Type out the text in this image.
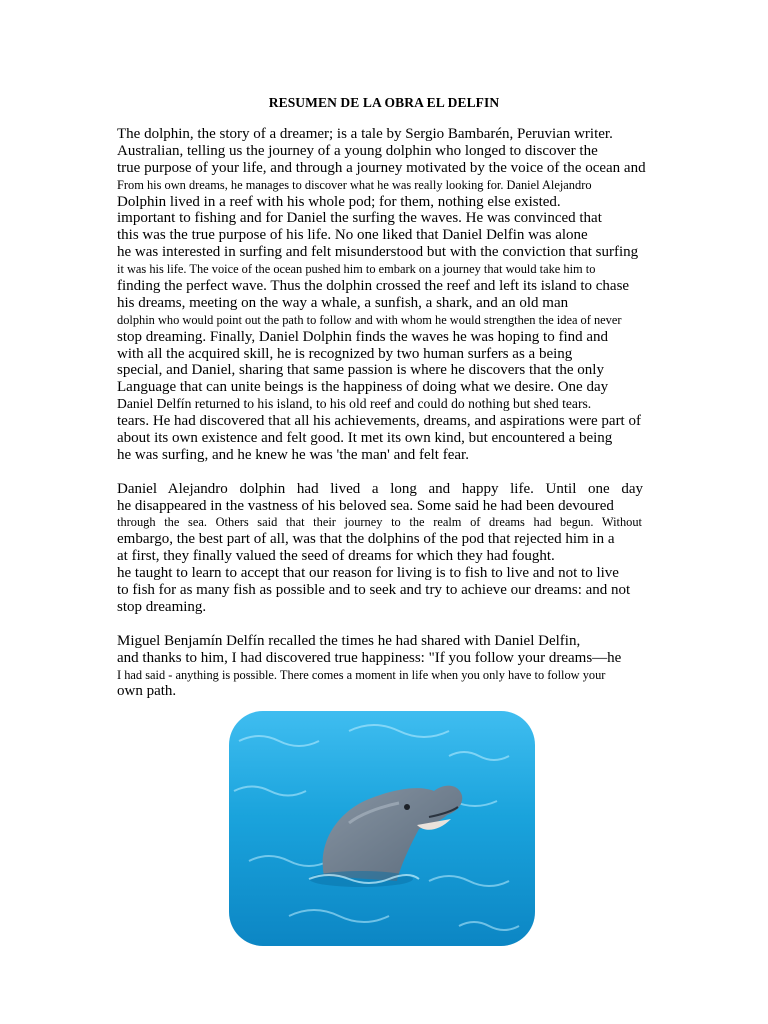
RESUMEN DE LA OBRA EL DELFIN
The dolphin, the story of a dreamer; is a tale by Sergio Bambarén, Peruvian writer.
Australian, telling us the journey of a young dolphin who longed to discover the
true purpose of your life, and through a journey motivated by the voice of the ocean and
From his own dreams, he manages to discover what he was really looking for. Daniel Alejandro
Dolphin lived in a reef with his whole pod; for them, nothing else existed.
important to fishing and for Daniel the surfing the waves. He was convinced that
this was the true purpose of his life. No one liked that Daniel Delfin was alone
he was interested in surfing and felt misunderstood but with the conviction that surfing
it was his life. The voice of the ocean pushed him to embark on a journey that would take him to
finding the perfect wave. Thus the dolphin crossed the reef and left its island to chase
his dreams, meeting on the way a whale, a sunfish, a shark, and an old man
dolphin who would point out the path to follow and with whom he would strengthen the idea of never
stop dreaming. Finally, Daniel Dolphin finds the waves he was hoping to find and
with all the acquired skill, he is recognized by two human surfers as a being
special, and Daniel, sharing that same passion is where he discovers that the only
Language that can unite beings is the happiness of doing what we desire. One day
Daniel Delfín returned to his island, to his old reef and could do nothing but shed tears.
tears. He had discovered that all his achievements, dreams, and aspirations were part of
about its own existence and felt good. It met its own kind, but encountered a being
he was surfing, and he knew he was 'the man' and felt fear.
Daniel Alejandro dolphin had lived a long and happy life. Until one day
he disappeared in the vastness of his beloved sea. Some said he had been devoured
through the sea. Others said that their journey to the realm of dreams had begun. Without
embargo, the best part of all, was that the dolphins of the pod that rejected him in a
at first, they finally valued the seed of dreams for which they had fought.
he taught to learn to accept that our reason for living is to fish to live and not to live
to fish for as many fish as possible and to seek and try to achieve our dreams: and not
stop dreaming.
Miguel Benjamín Delfín recalled the times he had shared with Daniel Delfin,
and thanks to him, I had discovered true happiness: "If you follow your dreams—he
I had said - anything is possible. There comes a moment in life when you only have to follow your
own path.
